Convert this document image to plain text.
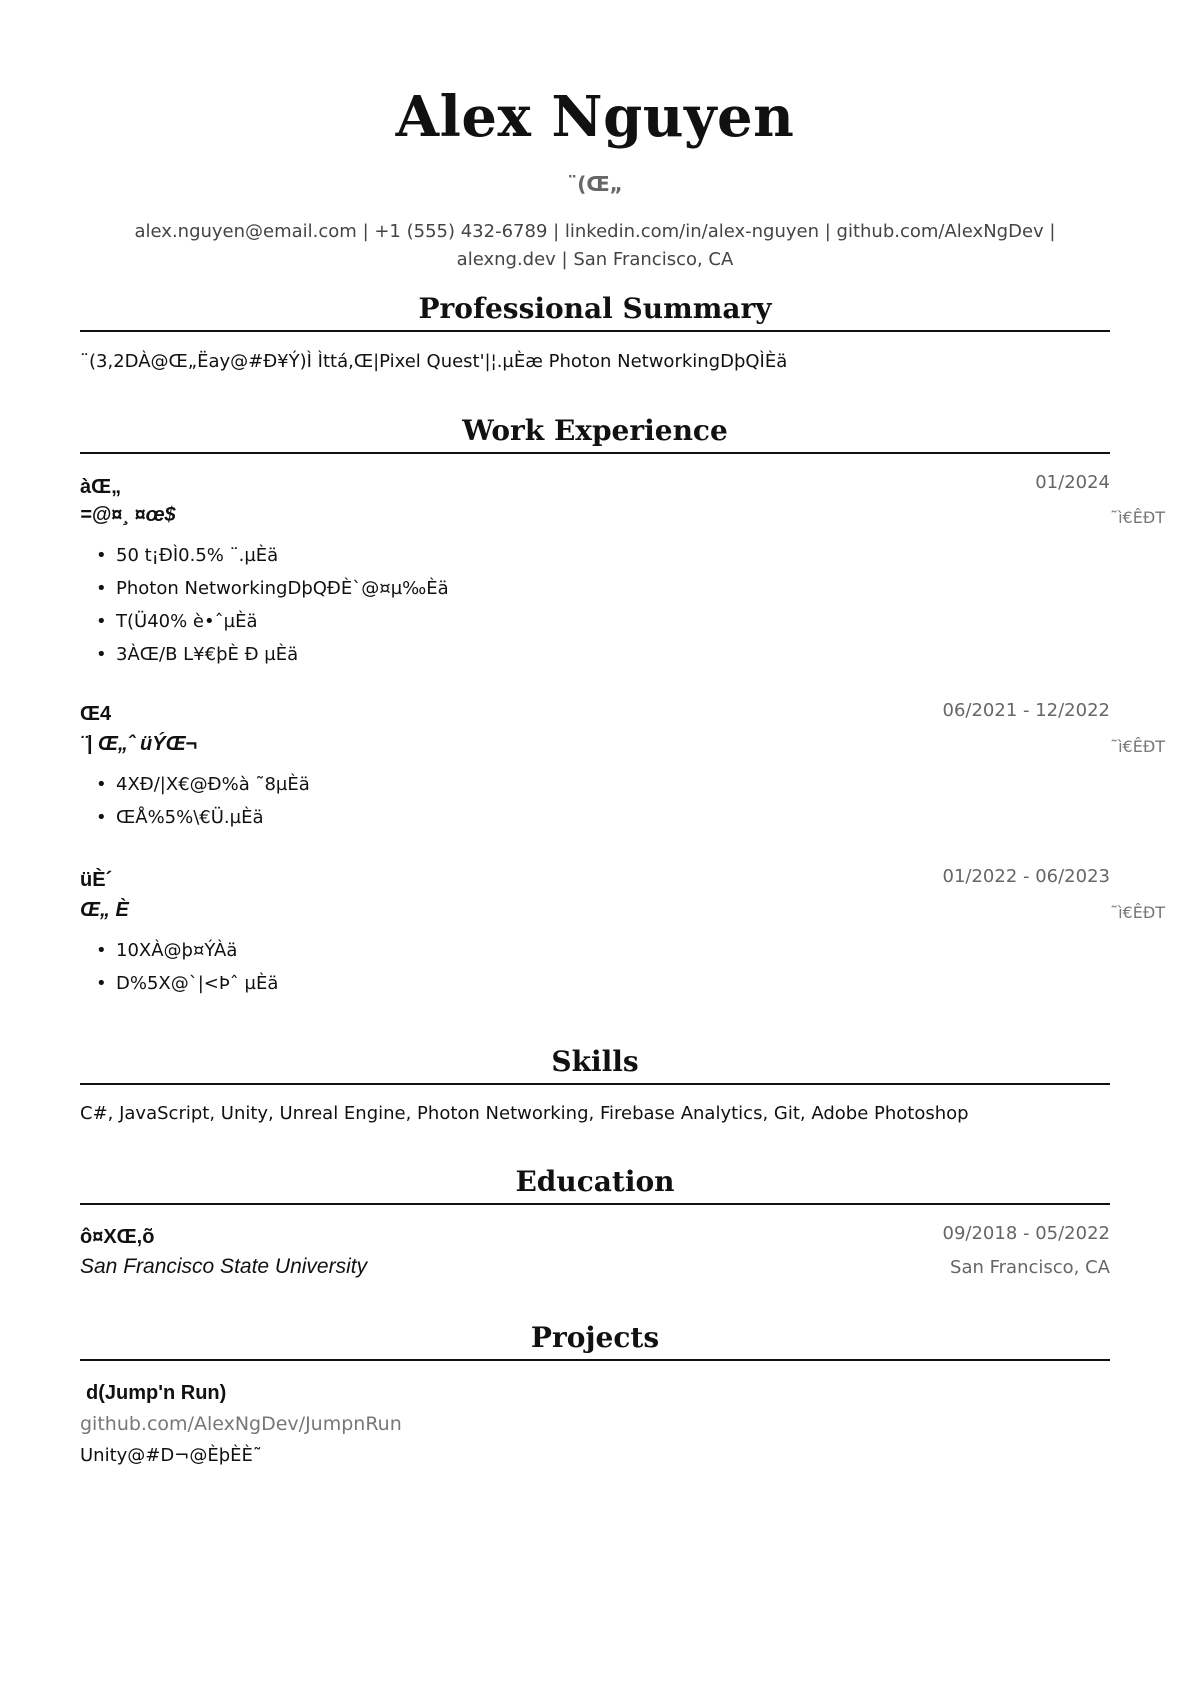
Alex Nguyen
¨(Œ„
alex.nguyen@email.com | +1 (555) 432-6789 | linkedin.com/in/alex-nguyen | github.com/AlexNgDev |
alexng.dev | San Francisco, CA
Professional Summary
¨(3,2DÀ@Œ„Ëay@#Ð¥Ý)Ì Ìttá,Œ|Pixel Quest'|¦.µÈæ Photon NetworkingDþQÌÈä
Work Experience
àŒ„	01/2024
=@¤¸ ¤œ$	˜ì€ÊÐT
• 50 t¡ÐÌ0.5% ¨.µÈä
• Photon NetworkingDþQÐÈ`@¤µ‰Èä
• T(Ü40% è•ˆµÈä
• 3ÀŒ/B L¥€þÈ Ð µÈä
Œ4	06/2021 - 12/2022
¨| Œ„ˆ üÝŒ¬	˜ì€ÊÐT
• 4XÐ/|X€@Ð%à ˜8µÈä
• ŒÅ%5%\€Ü.µÈä
üÈ´	01/2022 - 06/2023
Œ„ È	˜ì€ÊÐT
• 10XÀ@þ¤ÝÀä
• D%5X@`|<Þˆ µÈä
Skills
C#, JavaScript, Unity, Unreal Engine, Photon Networking, Firebase Analytics, Git, Adobe Photoshop
Education
ô¤XŒ,õ	09/2018 - 05/2022
San Francisco State University	San Francisco, CA
Projects
d(Jump'n Run)
github.com/AlexNgDev/JumpnRun
Unity@#D¬@ÈþÈÈ˜
